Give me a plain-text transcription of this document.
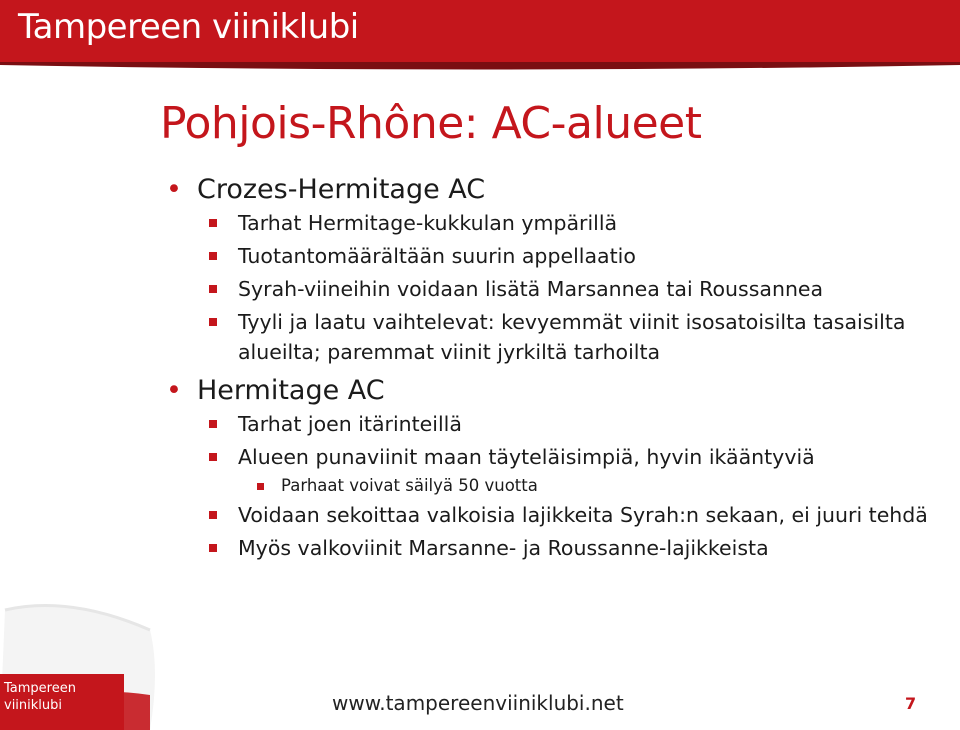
Tampereen viiniklubi
Pohjois-Rhône: AC-alueet
• Crozes-Hermitage AC
Tarhat Hermitage-kukkulan ympärillä
Tuotantomäärältään suurin appellaatio
Syrah-viineihin voidaan lisätä Marsannea tai Roussannea
Tyyli ja laatu vaihtelevat: kevyemmät viinit isosatoisilta tasaisilta alueilta; paremmat viinit jyrkiltä tarhoilta
• Hermitage AC
Tarhat joen itärinteillä
Alueen punaviinit maan täyteläisimpiä, hyvin ikääntyviä
Parhaat voivat säilyä 50 vuotta
Voidaan sekoittaa valkoisia lajikkeita Syrah:n sekaan, ei juuri tehdä
Myös valkoviinit Marsanne- ja Roussanne-lajikkeista
Tampereen
viiniklubi	www.tampereenviiniklubi.net	7
